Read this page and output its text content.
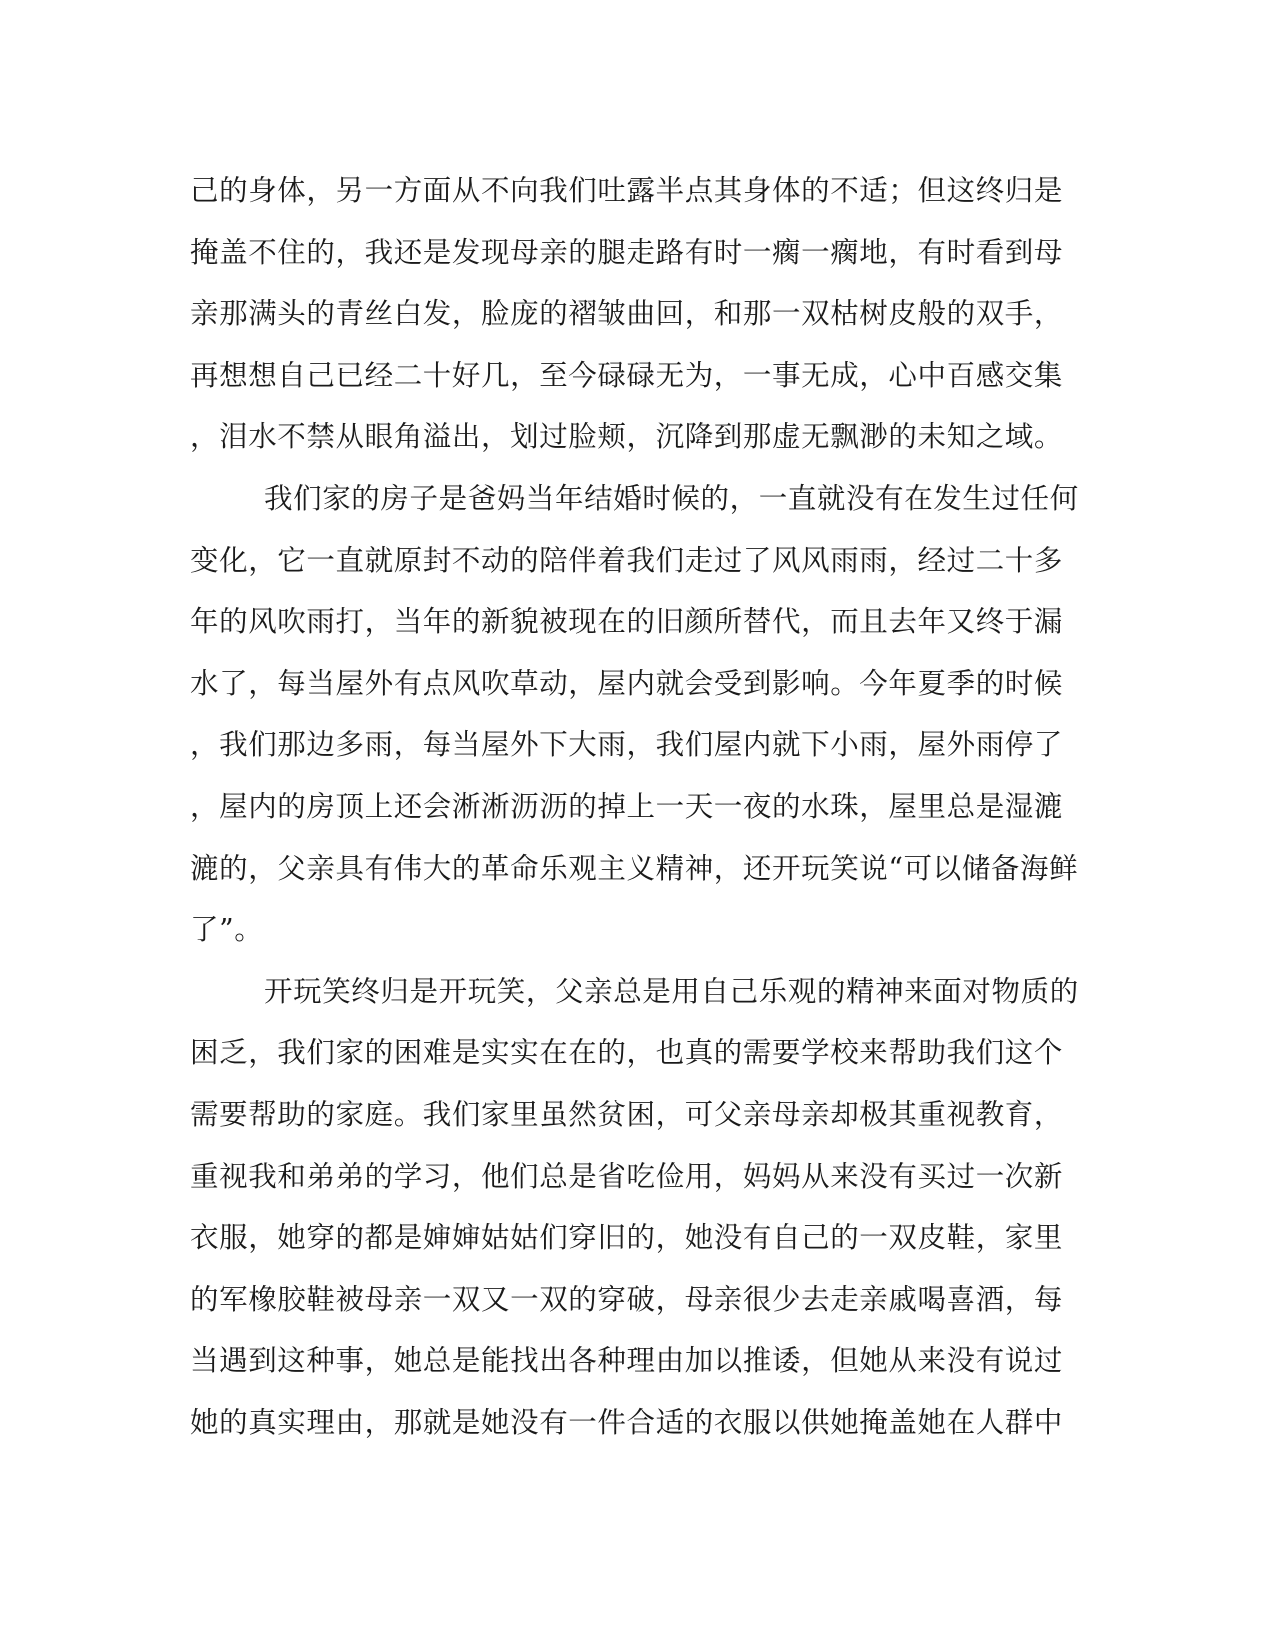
己的身体，另一方面从不向我们吐露半点其身体的不适；但这终归是
掩盖不住的，我还是发现母亲的腿走路有时一瘸一瘸地，有时看到母
亲那满头的青丝白发，脸庞的褶皱曲回，和那一双枯树皮般的双手，
再想想自己已经二十好几，至今碌碌无为，一事无成，心中百感交集
，泪水不禁从眼角溢出，划过脸颊，沉降到那虚无飘渺的未知之域。
我们家的房子是爸妈当年结婚时候的，一直就没有在发生过任何
变化，它一直就原封不动的陪伴着我们走过了风风雨雨，经过二十多
年的风吹雨打，当年的新貌被现在的旧颜所替代，而且去年又终于漏
水了，每当屋外有点风吹草动，屋内就会受到影响。今年夏季的时候
，我们那边多雨，每当屋外下大雨，我们屋内就下小雨，屋外雨停了
，屋内的房顶上还会淅淅沥沥的掉上一天一夜的水珠，屋里总是湿漉
漉的，父亲具有伟大的革命乐观主义精神，还开玩笑说“可以储备海鲜
了”。
开玩笑终归是开玩笑，父亲总是用自己乐观的精神来面对物质的
困乏，我们家的困难是实实在在的，也真的需要学校来帮助我们这个
需要帮助的家庭。我们家里虽然贫困，可父亲母亲却极其重视教育，
重视我和弟弟的学习，他们总是省吃俭用，妈妈从来没有买过一次新
衣服，她穿的都是婶婶姑姑们穿旧的，她没有自己的一双皮鞋，家里
的军橡胶鞋被母亲一双又一双的穿破，母亲很少去走亲戚喝喜酒，每
当遇到这种事，她总是能找出各种理由加以推诿，但她从来没有说过
她的真实理由，那就是她没有一件合适的衣服以供她掩盖她在人群中
